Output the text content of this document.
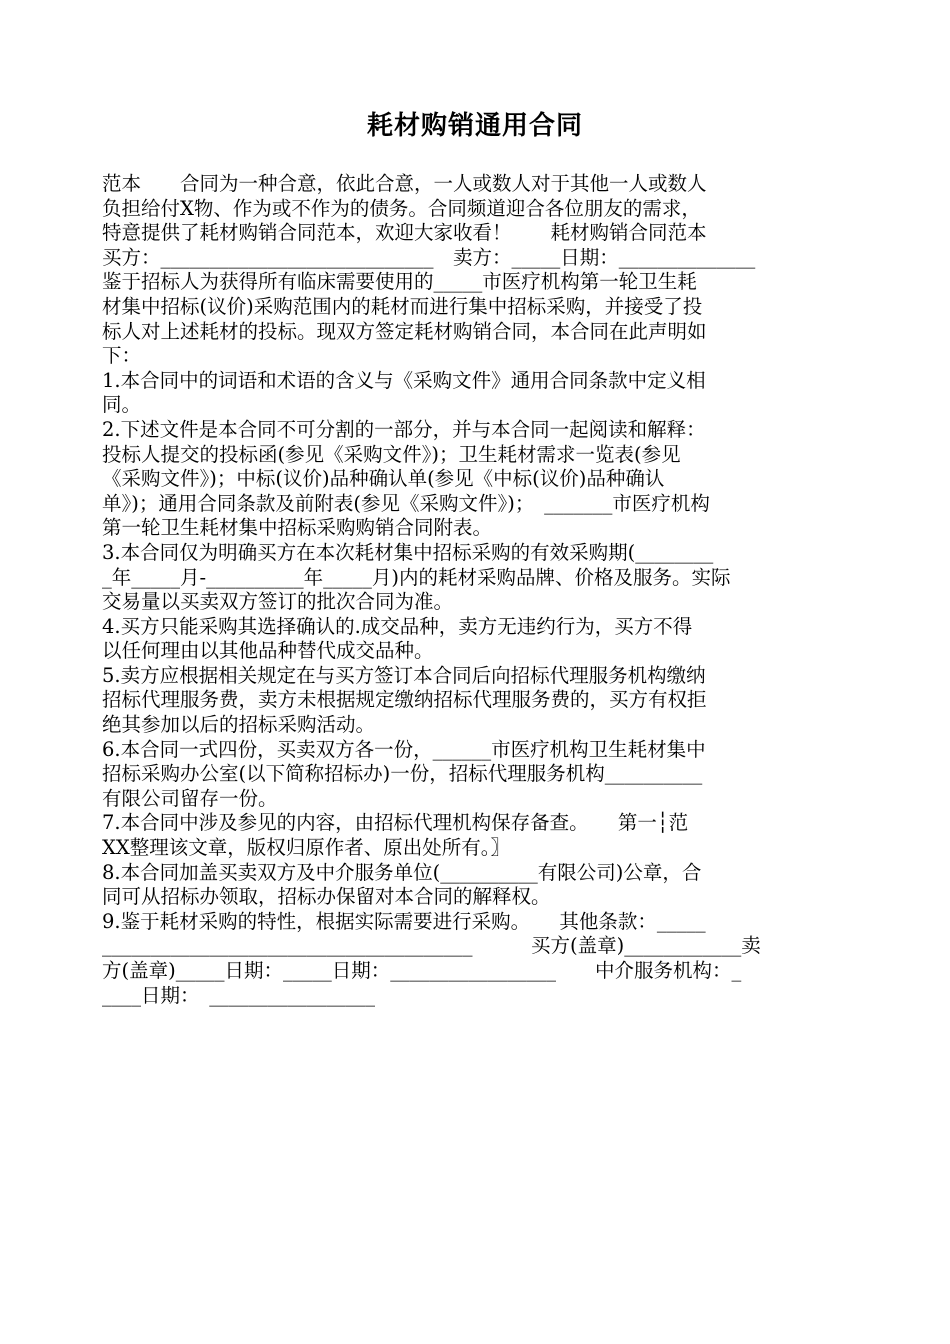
耗材购销通用合同
范本　　合同为一种合意，依此合意，一人或数人对于其他一人或数人
负担给付X物、作为或不作为的债务。合同频道迎合各位朋友的需求，
特意提供了耗材购销合同范本，欢迎大家收看！　　耗材购销合同范本
买方：____________________________　卖方：_____日期：______________
鉴于招标人为获得所有临床需要使用的_____市医疗机构第一轮卫生耗
材集中招标(议价)采购范围内的耗材而进行集中招标采购，并接受了投
标人对上述耗材的投标。现双方签定耗材购销合同，本合同在此声明如
下：
1.本合同中的词语和术语的含义与《采购文件》通用合同条款中定义相
同。
2.下述文件是本合同不可分割的一部分，并与本合同一起阅读和解释：
投标人提交的投标函(参见《采购文件》)；卫生耗材需求一览表(参见
《采购文件》)；中标(议价)品种确认单(参见《中标(议价)品种确认
单》)；通用合同条款及前附表(参见《采购文件》)；　_______市医疗机构
第一轮卫生耗材集中招标采购购销合同附表。
3.本合同仅为明确买方在本次耗材集中招标采购的有效采购期(________
_年_____月-__________年_____月)内的耗材采购品牌、价格及服务。实际
交易量以买卖双方签订的批次合同为准。
4.买方只能采购其选择确认的.成交品种，卖方无违约行为，买方不得
以任何理由以其他品种替代成交品种。
5.卖方应根据相关规定在与买方签订本合同后向招标代理服务机构缴纳
招标代理服务费，卖方未根据规定缴纳招标代理服务费的，买方有权拒
绝其参加以后的招标采购活动。
6.本合同一式四份，买卖双方各一份，______市医疗机构卫生耗材集中
招标采购办公室(以下简称招标办)一份，招标代理服务机构__________
有限公司留存一份。
7.本合同中涉及参见的内容，由招标代理机构保存备查。　　第一┆范
XX整理该文章，版权归原作者、原出处所有。〗
8.本合同加盖买卖双方及中介服务单位(__________有限公司)公章，合
同可从招标办领取，招标办保留对本合同的解释权。
9.鉴于耗材采购的特性，根据实际需要进行采购。　　其他条款：_____
______________________________________　　　买方(盖章)____________卖
方(盖章)_____日期：_____日期：_________________　　中介服务机构：_
____日期：　_________________
